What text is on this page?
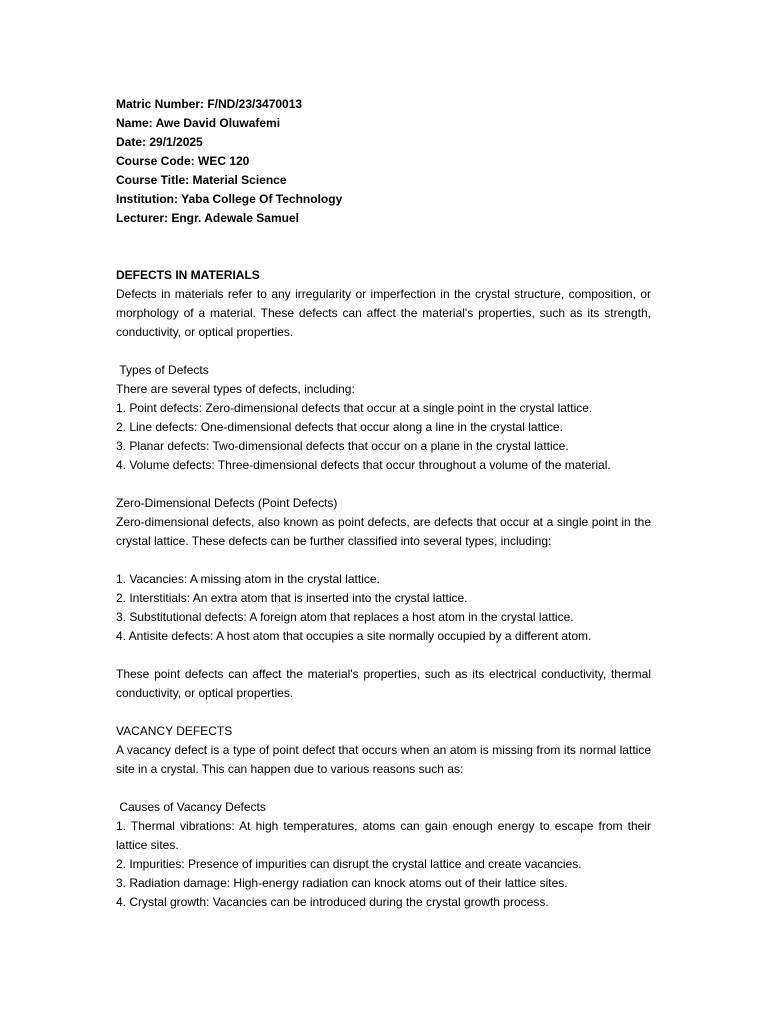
Matric Number: F/ND/23/3470013
Name: Awe David Oluwafemi
Date: 29/1/2025
Course Code: WEC 120
Course Title: Material Science
Institution: Yaba College Of Technology
Lecturer: Engr. Adewale Samuel
DEFECTS IN MATERIALS

Defects in materials refer to any irregularity or imperfection in the crystal structure, composition, or morphology of a material. These defects can affect the material's properties, such as its strength, conductivity, or optical properties.

Types of Defects

There are several types of defects, including:

1. Point defects: Zero-dimensional defects that occur at a single point in the crystal lattice.

2. Line defects: One-dimensional defects that occur along a line in the crystal lattice.

3. Planar defects: Two-dimensional defects that occur on a plane in the crystal lattice.

4. Volume defects: Three-dimensional defects that occur throughout a volume of the material.

Zero-Dimensional Defects (Point Defects)

Zero-dimensional defects, also known as point defects, are defects that occur at a single point in the crystal lattice. These defects can be further classified into several types, including:

1. Vacancies: A missing atom in the crystal lattice.

2. Interstitials: An extra atom that is inserted into the crystal lattice.

3. Substitutional defects: A foreign atom that replaces a host atom in the crystal lattice.

4. Antisite defects: A host atom that occupies a site normally occupied by a different atom.

These point defects can affect the material's properties, such as its electrical conductivity, thermal conductivity, or optical properties.

VACANCY DEFECTS

A vacancy defect is a type of point defect that occurs when an atom is missing from its normal lattice site in a crystal. This can happen due to various reasons such as:

Causes of Vacancy Defects

1. Thermal vibrations: At high temperatures, atoms can gain enough energy to escape from their lattice sites.

2. Impurities: Presence of impurities can disrupt the crystal lattice and create vacancies.

3. Radiation damage: High-energy radiation can knock atoms out of their lattice sites.

4. Crystal growth: Vacancies can be introduced during the crystal growth process.
